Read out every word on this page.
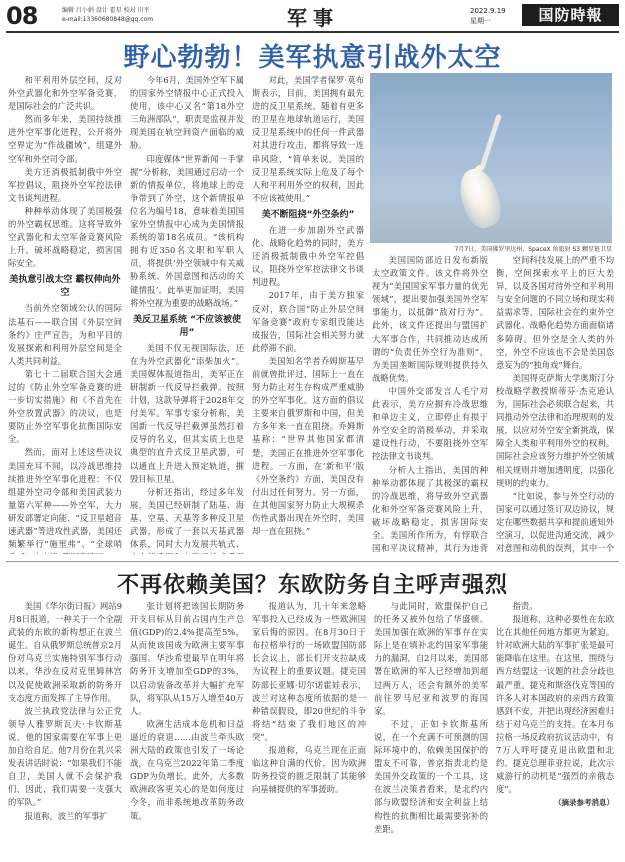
08	编辑 吕小娟 设计 霍星 校对 川平
e-mail:13360680848@qq.com	军事	2022.9.19
星期一	国防時報
野心勃勃！美军执意引战外太空

和平利用外层空间，反对外空武器化和外空军备竞赛，是国际社会的广泛共识。

然而多年来，美国持续推进外空军事化进程，公开将外空界定为“作战疆域”，组建外空军和外空司令部。

美方还消极抵制俄中外空军控倡议，阻挠外空军控法律文书谈判进程。

种种举动体现了美国极强的外空霸权思维。这将导致外空武器化和太空军备竞赛风险上升，破坏战略稳定，损害国际安全。

美执意引战太空 霸权伸向外空

当前外空领域公认的国际法基石——联合国《外层空间条约》庄严宣告，为和平目的发展探索和利用外层空间是全人类共同利益。

第七十二届联合国大会通过的《防止外空军备竞赛的进一步切实措施》和《不首先在外空放置武器》的决议，也是要防止外空军事化抗衡国际安全。

然而，面对上述这些决议美国充耳不闻，以冷战思维持续推进外空军事化进程：不仅组建外空司令部和美国武装力量第六军种——外空军，大力研发部署定向能、“反卫星超音速武器”等进攻性武器，美国还频繁举行“施里弗”、“全球哨

今年6月，美国外空军下属的国家外空情报中心正式投入使用，该中心又名“第18外空三角洲部队”，职责是监视并发现美国在轨空间资产面临的威胁。

印度媒体“世界新闻一手掌握”分析称，美国通过启动一个新的情报单位，将地球上的竞争带到了外空，这个新情报单位名为编号18，意味着美国国家外空情报中心成为美国情报系统的第18名成员。“该机构拥有近350名文职和军职人员，将提供‘外空领域中有关威胁系统、外国意图和活动的关键情报’。此举更加证明，美国将外空视为重要的战略战场。”

美反卫星系统 “不应该被使用”

美国不仅无视国际法，还在为外空武器化“添柴加火”。美国媒体报道指出，美军正在研制新一代反导拦截弹。按照计划，这款导弹将于2028年交付美军。军事专家分析称，美国新一代反导拦截弹虽然打着反导的名义，但其实质上也是典型的直升式反卫星武器，可以通直上升进入预定轨道，摧毁目标卫星。

分析还指出，经过多年发展，美国已经研制了陆基、海基、空基、天基等多种反卫星武器，形成了一套以天基武器体系，同时大力发展共轨式、

对此，美国学者保罗·莫布斯表示，目前，美国拥有最先进的反卫星系统。随着有更多的卫星在地球轨道运行，美国反卫星系统中的任何一件武器对其进行攻击，都将导致一连串风险，“简单来说，美国的反卫星系统实际上危及了每个人和平利用外空的权利，因此不应该被使用。”

美不断阻挠“外空条约”

在进一步加剧外空武器化、战略化趋势的同时，美方还消极抵制俄中外空军控倡议，阻挠外空军控法律文书谈判进程。

2017年，由于美方独家反对，联合国“防止外层空间军备竞赛”政府专家组没能达成报告，国际社会相关努力就此停滞不前。

美国知名学者乔姆斯基早前就曾批评过，国际上一直在努力防止对生存构成严重威胁的外空军事化。这方面的倡议主要来自俄罗斯和中国，但美方多年来一直在阻挠。乔姆斯基称：“世界其他国家都清楚，美国正在推进外空军事化进程。一方面，在‘新和平’版《外空条约》方面，美国没有付出过任何努力。另一方面，在其他国家努力防止大规模杀伤性武器出现在外空时，美国却一直在阻挠。”

7月7日，美国佛罗里达州，SpaceX 角旅射 S3 颗星链卫星

美国国防部近日发布新版太空政策文件。该文件将外空视为“美国国家军事力量的优先领域”，提出要加强美国外空军事能力，以抵御“敌对行为”。此外，该文件还提出与盟国扩大军事合作，共同推动达成所谓的“负责任外空行为准则”，为美国垄断国际规则提供持久战略优势。

中国外交部发言人毛宁对此表示，美方应摒弃冷战思维和单边主义，立即停止有损于外空安全的消极举动，并采取建设性行动，不要阻挠外空军控法律文书谈判。

分析人士指出，美国的种种举动都体现了其极深的霸权的冷战思维，将导致外空武器化和外空军备竞赛风险上升，破坏战略稳定，损害国际安全。美国所作所为，有悖联合国和平决议精神，其行为违背

空间科技发展上的严重不均衡，空间探索水平上的巨大差异，以及各国对待外空和平利用与安全问题的不同立场和现实利益需求等，国际社会在约束外空武器化、战略化趋势方面面临诸多障碍。但外空是全人类的外空，外空不应该也不会是美国恣意妄为的“独角戏”舞台。

美国得克萨斯大学奥斯汀分校战略学教授斯蒂芬·杰克逊认为，国际社会必须联合起来，共同推动外空法律和治理规则的发展，以应对外空安全新挑战，保障全人类和平利用外空的权利。国际社会应该努力维护外空领域相关规则并增加透明度，以强化规则的约束力。

“比如说，参与外空行动的国家可以通过签订双边协议，规定在哪些数据共享和提前通知外空演习，以促进沟通交流，减少对意图和动机的误判，其中一个

不再依赖美国？东欧防务自主呼声强烈

美国《华尔街日报》网站9月8日报道，一种关于一个全副武装的东欧的新构想正在波兰诞生。自从俄罗斯总统普京2月份对乌克兰实施特别军事行动以来，华沙在反对克里姆林宫以及促使欧洲采取新的防务开支态度方面发挥了主导作用。

波兰执政党法律与公正党领导人雅罗斯瓦夫·卡钦斯基说，他的国家需要在军事上更加自给自足。他7月份在乳兴采发表讲话时说：“如果我们不能自卫，美国人就不会保护我们，因此，我们需要一支强大的军队。”

报道称，波兰的军事扩

张计划将把该国长期防务开支目标从目前占国内生产总值(GDP)的2.4%提高至5%，从而使该国成为欧洲主要军事强国。华沙希望最早在明年将防务开支增加至GDP的3%，以启动装备改革并大幅扩充军队，将军队从15万人增至40万人。

欧洲生活成本危机和日益逼近的衰退……由波兰牵头欧洲大陆的政策也引发了一场论战，在乌克兰2022年第二季度GDP为负增长，此外，大多数欧洲政客更关心的是如何度过今冬，而非系统地改革防务政策。

报道认为，几十年来忽略军事投入已经成为一些欧洲国家后悔的原因。在8月30日于布拉格举行的一场欧盟国防部长会议上，部长们开支拉缺成为议程上的重要议题。捷克国防部长亚娜·切尔诺霍娃表示，波兰对这种态度所依据的是一种错误假设，即20世纪的斗争将结“结束了我们地区的冲突”。

报道称，乌克兰现在正面临这种自满的代价，因为欧洲防务投资的匮乏限制了其能够向基辅提供的军事援助。

与此同时，欧盟保护自己的任务又被外包给了华盛顿。美国加强在欧洲的军事存在实际上是在填补北约国家军事能力的漏洞，自2月以来，美国部署在欧洲的军人已经增加到超过两万人，还会有额外的美军前往罗马尼亚和波罗的海国家。

不过，正如卡钦斯基所说，在一个充满不可预测的国际环境中的，依赖美国保护的盟友不可靠，普京指责北约是美国外交政策的一个工具，这在波兰决策者看来，是北约内部与欧盟经济和安全利益上结构性的抗衡相比最需要弥补的差距。

指责。

报道称，这种必要性在东欧比在其他任何地方都更为紧迫。针对欧洲大陆的军事扩张是最可能降临在这里。在这里，围绕与西方结盟这一议题的社会分歧也最严重。捷克和斯洛伐克等国的许多人对本国政府的亲西方政策感到不安，并把出现经济困难归结于对乌克兰的支持。在本月布拉格一场反政府抗议活动中，有7万人呼吁捷克退出欧盟和北约。捷克总理菲亚拉说，此次示威游行的动机是“强烈的亲俄态度”。

（摘录参考消息）
